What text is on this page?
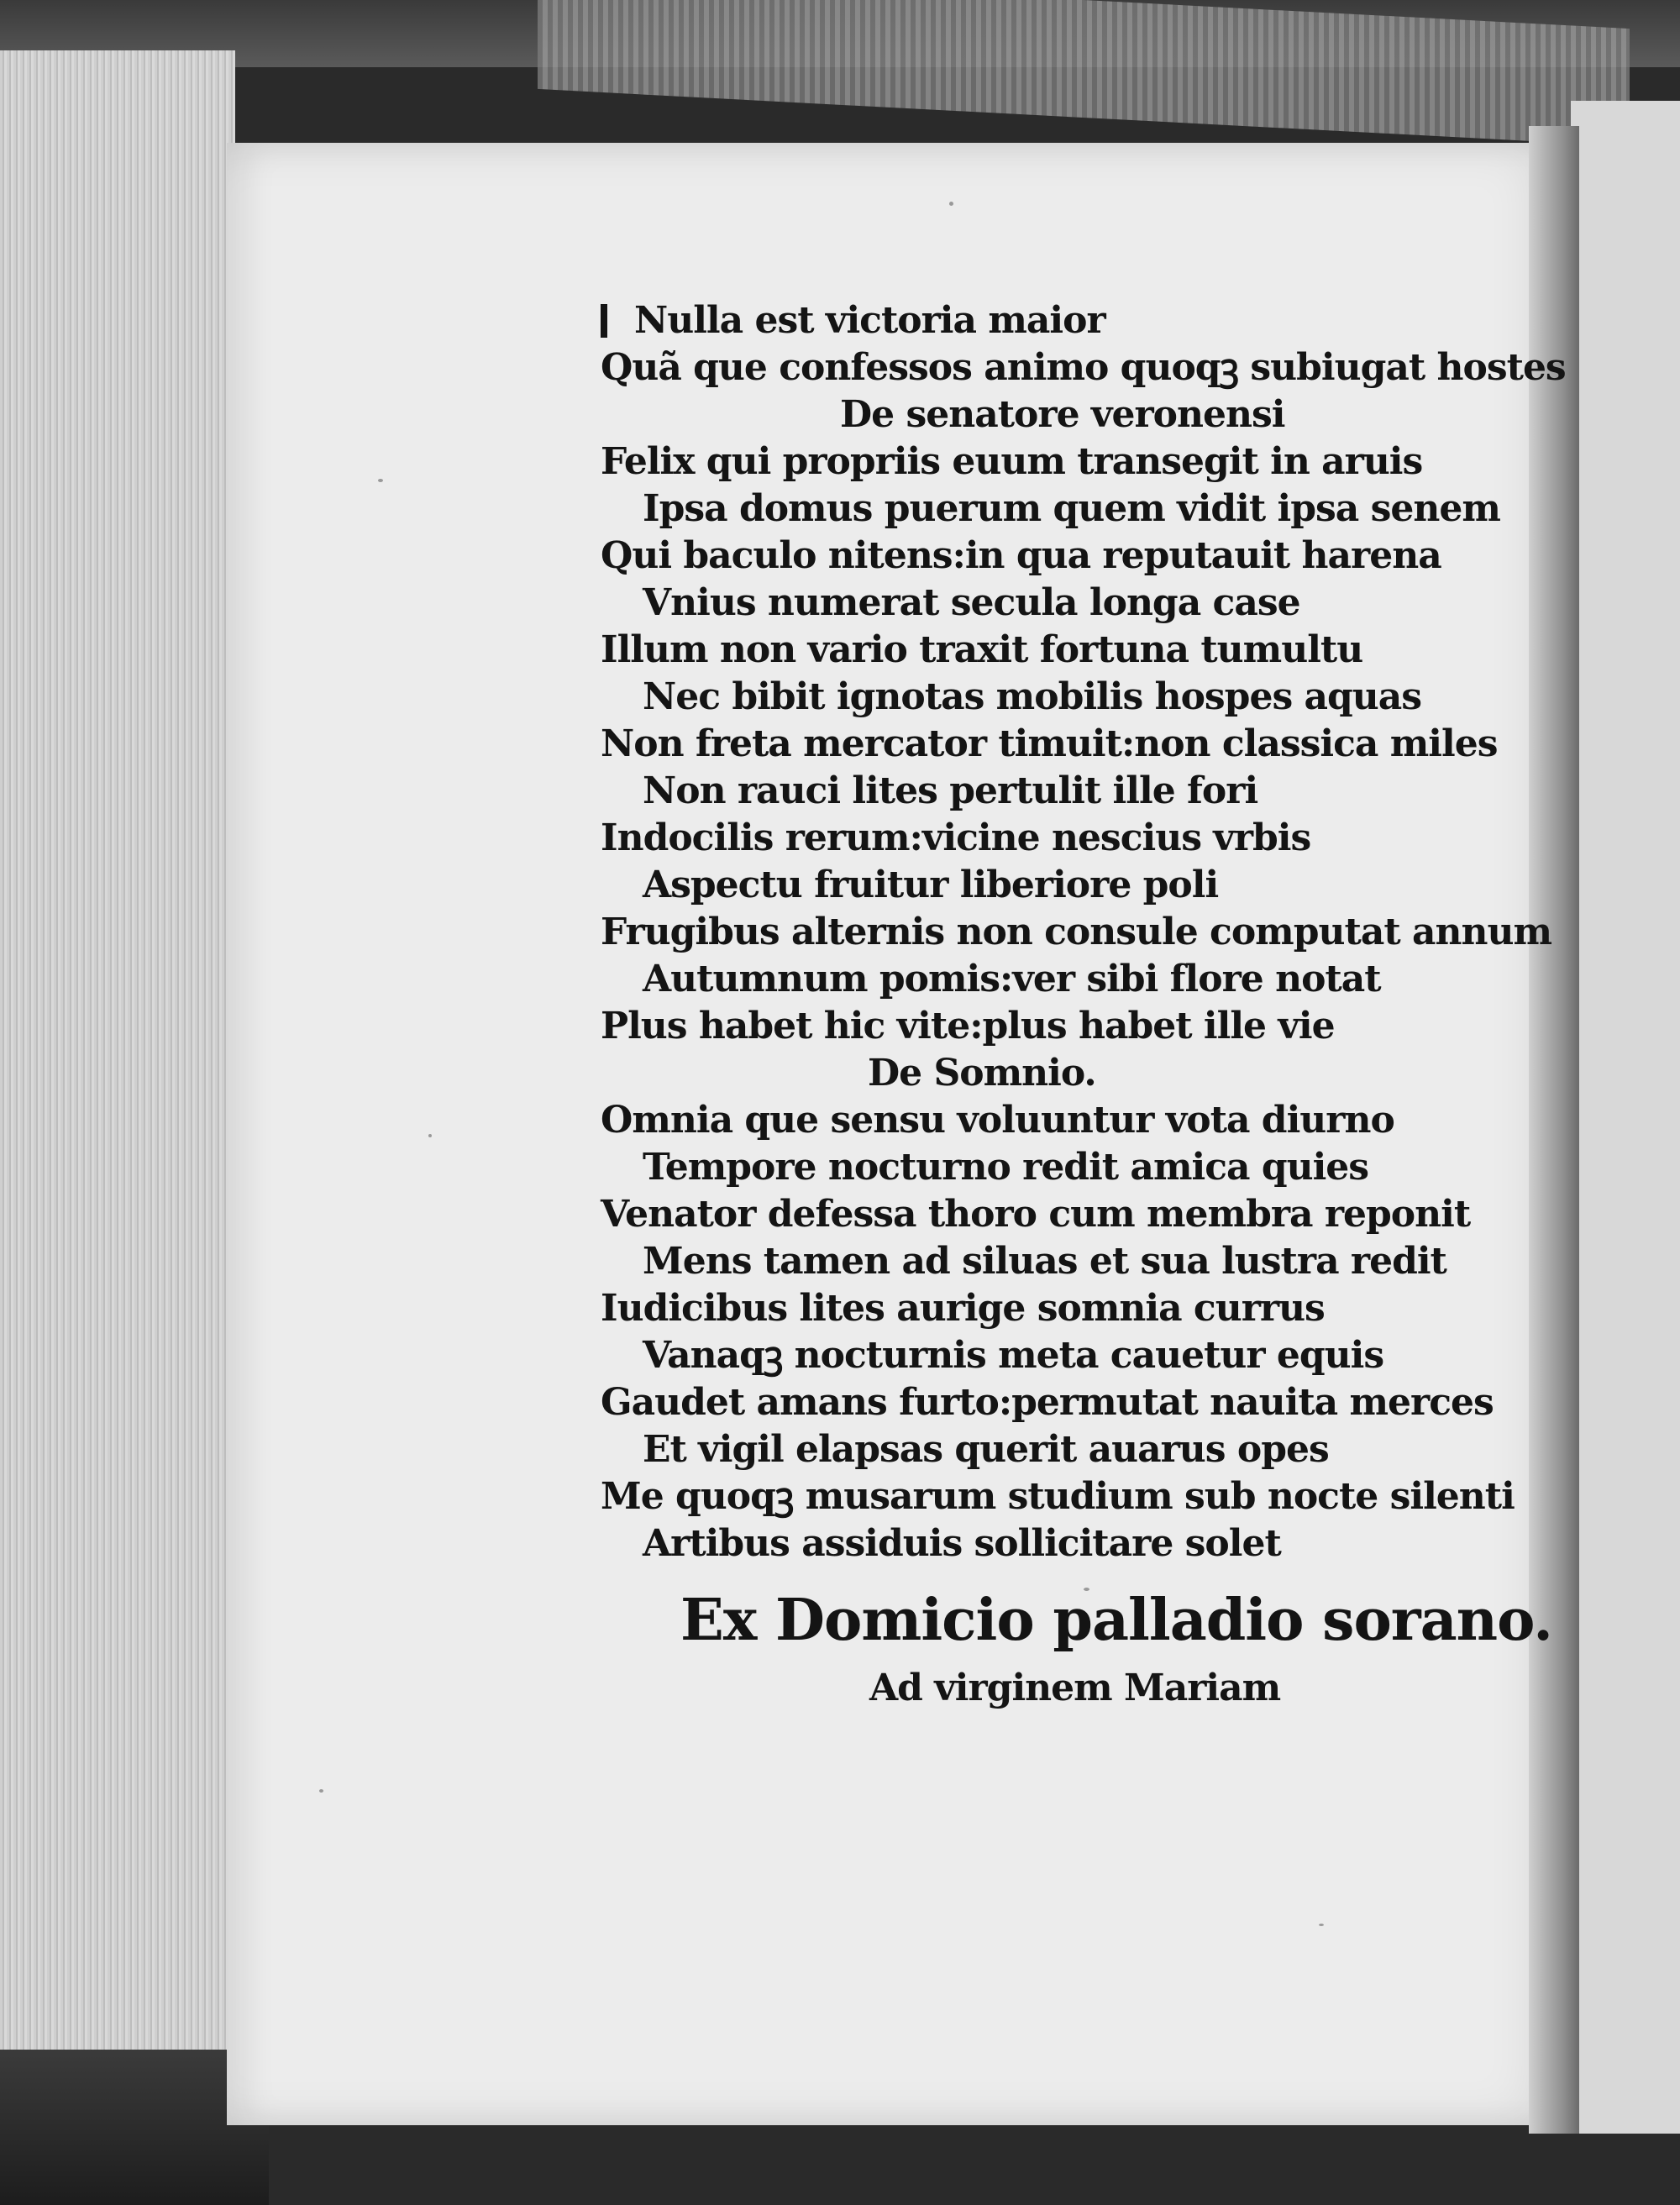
Nulla est victoria maior
Quã que confessos animo quoqꝫ subiugat hostes
De senatore veronensi
Felix qui propriis euum transegit in aruis
Ipsa domus puerum quem vidit ipsa senem
Qui baculo nitens:in qua reputauit harena
Vnius numerat secula longa case
Illum non vario traxit fortuna tumultu
Nec bibit ignotas mobilis hospes aquas
Non freta mercator timuit:non classica miles
Non rauci lites pertulit ille fori
Indocilis rerum:vicine nescius vrbis
Aspectu fruitur liberiore poli
Frugibus alternis non consule computat annum
Autumnum pomis:ver sibi flore notat
Plus habet hic vite:plus habet ille vie
De Somnio.
Omnia que sensu voluuntur vota diurno
Tempore nocturno redit amica quies
Venator defessa thoro cum membra reponit
Mens tamen ad siluas et sua lustra redit
Iudicibus lites aurige somnia currus
Vanaqꝫ nocturnis meta cauetur equis
Gaudet amans furto:permutat nauita merces
Et vigil elapsas querit auarus opes
Me quoqꝫ musarum studium sub nocte silenti
Artibus assiduis sollicitare solet
Ex Domicio palladio sorano.
Ad virginem Mariam
